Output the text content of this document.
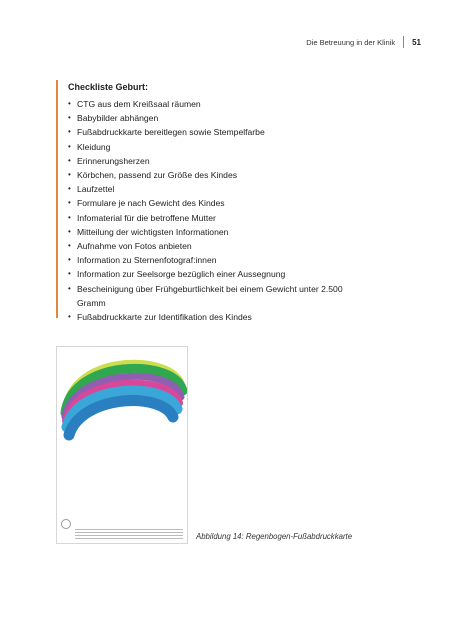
Die Betreuung in der Klinik 51
Checkliste Geburt:
• CTG aus dem Kreißsaal räumen
• Babybilder abhängen
• Fußabdruckkarte bereitlegen sowie Stempelfarbe
• Kleidung
• Erinnerungsherzen
• Körbchen, passend zur Größe des Kindes
• Laufzettel
• Formulare je nach Gewicht des Kindes
• Infomaterial für die betroffene Mutter
• Mitteilung der wichtigsten Informationen
• Aufnahme von Fotos anbieten
• Information zu Sternenfotograf:innen
• Information zur Seelsorge bezüglich einer Aussegnung
• Bescheinigung über Frühgeburtlichkeit bei einem Gewicht unter 2.500 Gramm
• Fußabdruckkarte zur Identifikation des Kindes
Abbildung 14: Regenbogen-Fußabdruckkarte
